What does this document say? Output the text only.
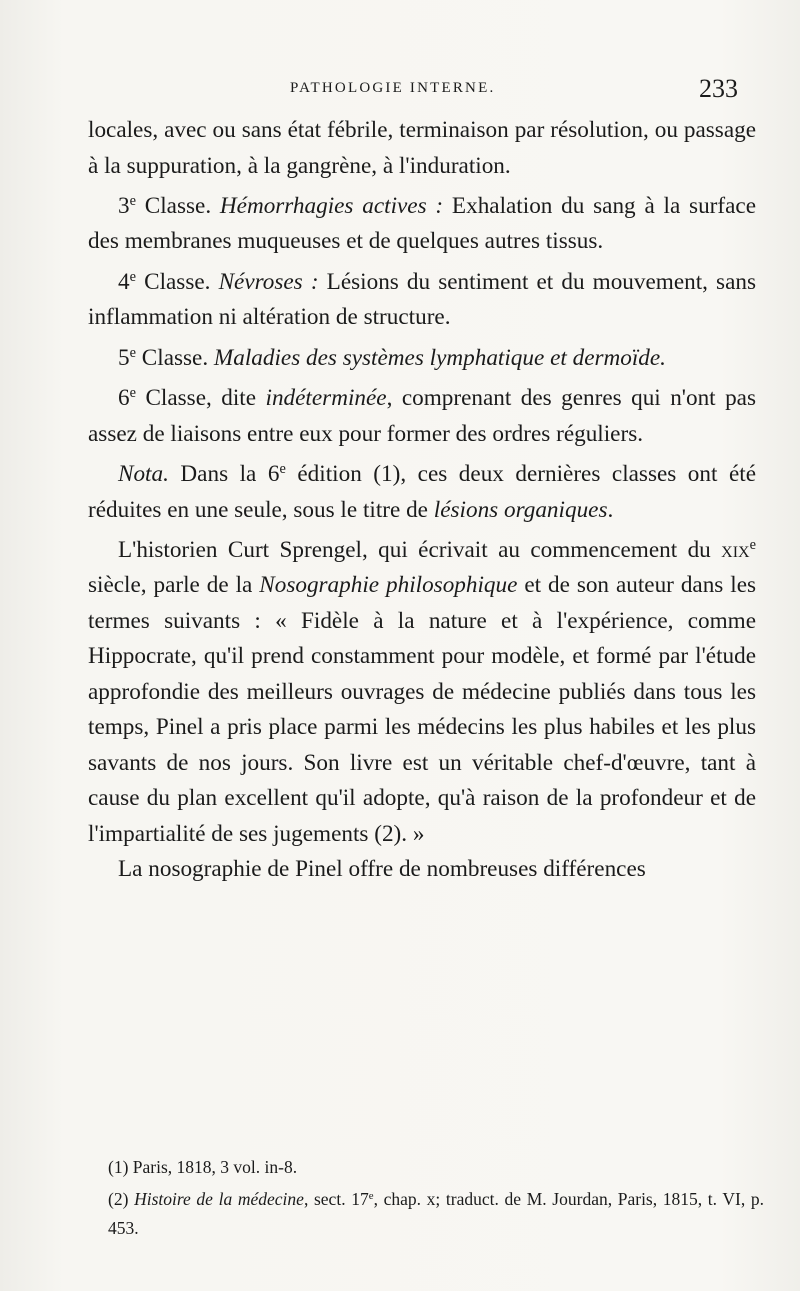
PATHOLOGIE INTERNE.	233

locales, avec ou sans état fébrile, terminaison par résolution, ou passage à la suppuration, à la gangrène, à l'induration.

3e Classe. Hémorrhagies actives : Exhalation du sang à la surface des membranes muqueuses et de quelques autres tissus.

4e Classe. Névroses : Lésions du sentiment et du mouvement, sans inflammation ni altération de structure.

5e Classe. Maladies des systèmes lymphatique et dermoïde.

6e Classe, dite indéterminée, comprenant des genres qui n'ont pas assez de liaisons entre eux pour former des ordres réguliers.

Nota. Dans la 6e édition (1), ces deux dernières classes ont été réduites en une seule, sous le titre de lésions organiques.

L'historien Curt Sprengel, qui écrivait au commencement du xix$^e$ siècle, parle de la Nosographie philosophique et de son auteur dans les termes suivants : « Fidèle à la nature et à l'expérience, comme Hippocrate, qu'il prend constamment pour modèle, et formé par l'étude approfondie des meilleurs ouvrages de médecine publiés dans tous les temps, Pinel a pris place parmi les médecins les plus habiles et les plus savants de nos jours. Son livre est un véritable chef-d'œuvre, tant à cause du plan excellent qu'il adopte, qu'à raison de la profondeur et de l'impartialité de ses jugements (2). »

La nosographie de Pinel offre de nombreuses différences

(1) Paris, 1818, 3 vol. in-8.

(2) Histoire de la médecine, sect. 17e, chap. x; traduct. de M. Jourdan, Paris, 1815, t. VI, p. 453.
